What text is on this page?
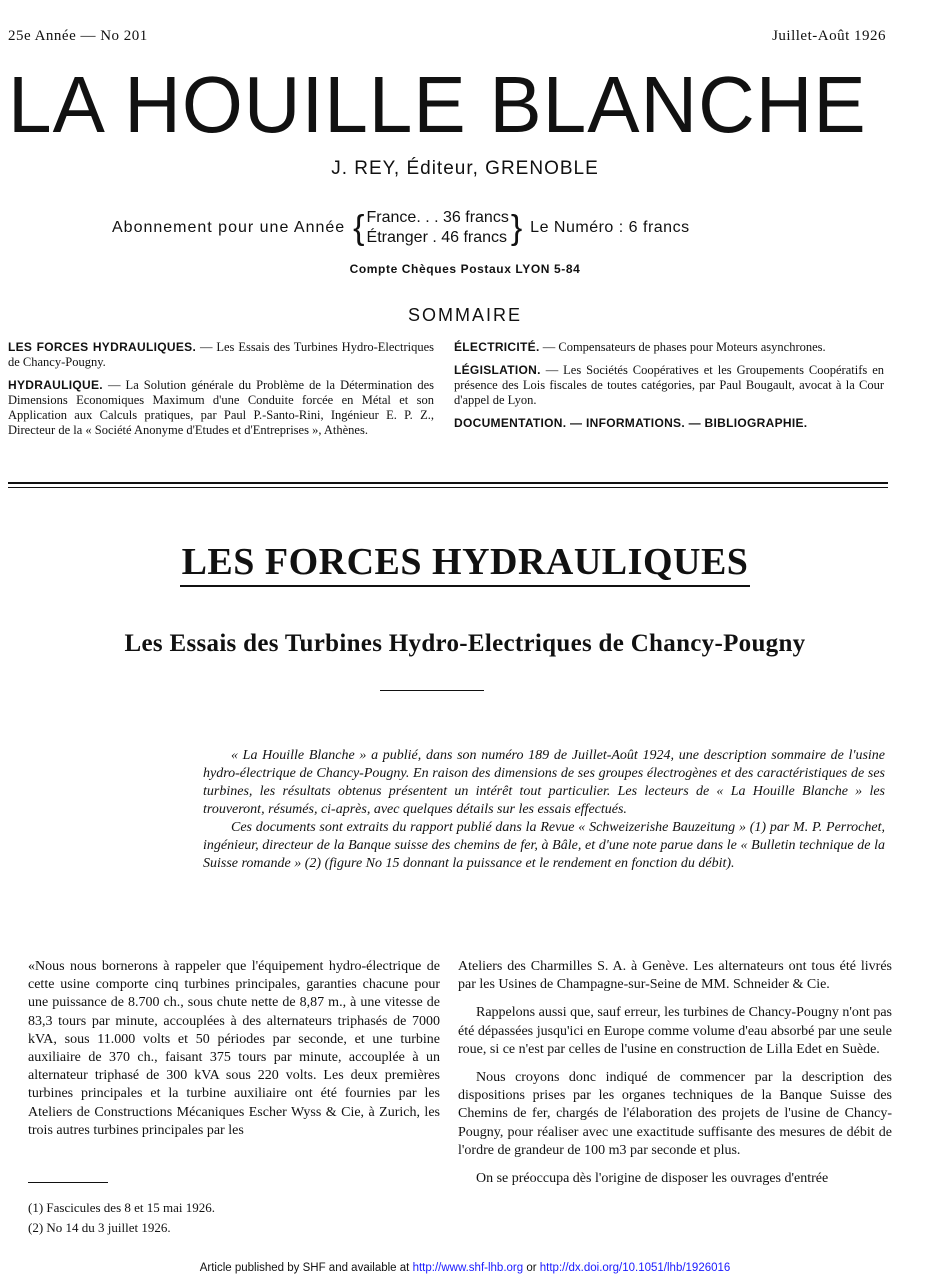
25e Année — No 201	Juillet-Août 1926
LA HOUILLE BLANCHE
J. REY, Éditeur, GRENOBLE
Abonnement pour une Année { France. . . 36 francs
Étranger . 46 francs } Le Numéro : 6 francs
Compte Chèques Postaux LYON 5-84
SOMMAIRE
LES FORCES HYDRAULIQUES. — Les Essais des Turbines Hydro-Electriques de Chancy-Pougny.
HYDRAULIQUE. — La Solution générale du Problème de la Détermination des Dimensions Economiques Maximum d'une Conduite forcée en Métal et son Application aux Calculs pratiques, par Paul P.-Santo-Rini, Ingénieur E. P. Z., Directeur de la « Société Anonyme d'Etudes et d'Entreprises », Athènes.
ÉLECTRICITÉ. — Compensateurs de phases pour Moteurs asynchrones.
LÉGISLATION. — Les Sociétés Coopératives et les Groupements Coopératifs en présence des Lois fiscales de toutes catégories, par Paul Bougault, avocat à la Cour d'appel de Lyon.
DOCUMENTATION. — INFORMATIONS. — BIBLIOGRAPHIE.
LES FORCES HYDRAULIQUES
Les Essais des Turbines Hydro-Electriques de Chancy-Pougny

« La Houille Blanche » a publié, dans son numéro 189 de Juillet-Août 1924, une description sommaire de l'usine hydro-électrique de Chancy-Pougny. En raison des dimensions de ses groupes électrogènes et des caractéristiques de ses turbines, les résultats obtenus présentent un intérêt tout particulier. Les lecteurs de « La Houille Blanche » les trouveront, résumés, ci-après, avec quelques détails sur les essais effectués.

Ces documents sont extraits du rapport publié dans la Revue « Schweizerishe Bauzeitung » (1) par M. P. Perrochet, ingénieur, directeur de la Banque suisse des chemins de fer, à Bâle, et d'une note parue dans le « Bulletin technique de la Suisse romande » (2) (figure No 15 donnant la puissance et le rendement en fonction du débit).

«Nous nous bornerons à rappeler que l'équipement hydro-électrique de cette usine comporte cinq turbines principales, garanties chacune pour une puissance de 8.700 ch., sous chute nette de 8,87 m., à une vitesse de 83,3 tours par minute, accouplées à des alternateurs triphasés de 7000 kVA, sous 11.000 volts et 50 périodes par seconde, et une turbine auxiliaire de 370 ch., faisant 375 tours par minute, accouplée à un alternateur triphasé de 300 kVA sous 220 volts. Les deux premières turbines principales et la turbine auxiliaire ont été fournies par les Ateliers de Constructions Mécaniques Escher Wyss & Cie, à Zurich, les trois autres turbines principales par les

Ateliers des Charmilles S. A. à Genève. Les alternateurs ont tous été livrés par les Usines de Champagne-sur-Seine de MM. Schneider & Cie.

Rappelons aussi que, sauf erreur, les turbines de Chancy-Pougny n'ont pas été dépassées jusqu'ici en Europe comme volume d'eau absorbé par une seule roue, si ce n'est par celles de l'usine en construction de Lilla Edet en Suède.

Nous croyons donc indiqué de commencer par la description des dispositions prises par les organes techniques de la Banque Suisse des Chemins de fer, chargés de l'élaboration des projets de l'usine de Chancy-Pougny, pour réaliser avec une exactitude suffisante des mesures de débit de l'ordre de grandeur de 100 m3 par seconde et plus.

On se préoccupa dès l'origine de disposer les ouvrages d'entrée

(1) Fascicules des 8 et 15 mai 1926.
(2) No 14 du 3 juillet 1926.
Article published by SHF and available at http://www.shf-lhb.org or http://dx.doi.org/10.1051/lhb/1926016
